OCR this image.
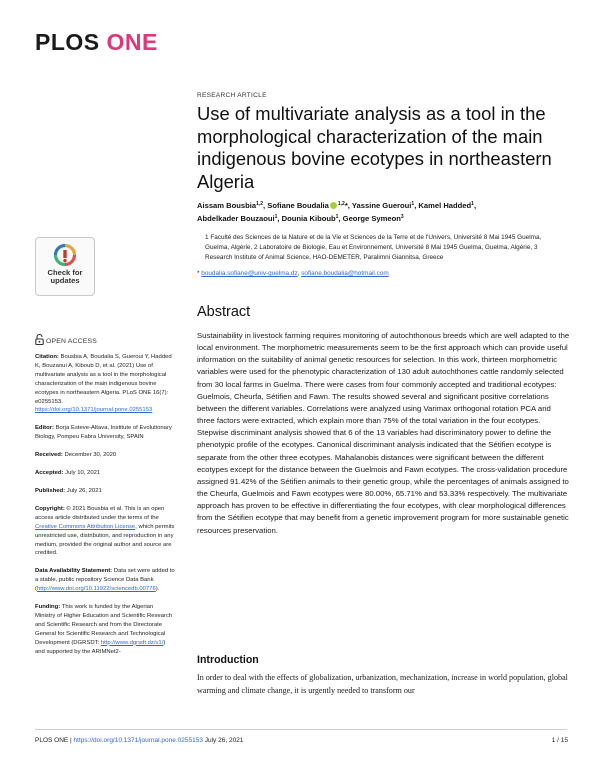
PLOS ONE
RESEARCH ARTICLE
Use of multivariate analysis as a tool in the morphological characterization of the main indigenous bovine ecotypes in northeastern Algeria
Aissam Bousbia$^{1,2}$, Sofiane Boudalia $^{1,2}$*, Yassine Gueroui$^1$, Kamel Hadded$^1$,
Abdelkader Bouzaoui$^1$, Dounia Kiboub$^1$, George Symeon$^3$
1 Faculté des Sciences de la Nature et de la Vie et Sciences de la Terre et de l'Univers, Université 8 Mai 1945 Guelma, Guelma, Algérie, 2 Laboratoire de Biologie, Eau et Environnement, Université 8 Mai 1945 Guelma, Guelma, Algérie, 3 Research Institute of Animal Science, HAO-DEMETER, Paralimni Giannitsa, Greece
* boudalia.sofiane@univ-guelma.dz, sofiane.boudalia@hotmail.com
Check for
updates
OPEN ACCESS

Citation: Bousbia A, Boudalia S, Gueroui Y, Hadded K, Bouzaoui A, Kiboub D, et al. (2021) Use of multivariate analysis as a tool in the morphological characterization of the main indigenous bovine ecotypes in northeastern Algeria. PLoS ONE 16(7): e0255153. https://doi.org/10.1371/journal.pone.0255153

Editor: Borja Esteve-Altava, Institute of Evolutionary Biology, Pompeu Fabra University, SPAIN

Received: December 30, 2020

Accepted: July 10, 2021

Published: July 26, 2021

Copyright: © 2021 Bousbia et al. This is an open access article distributed under the terms of the Creative Commons Attribution License, which permits unrestricted use, distribution, and reproduction in any medium, provided the original author and source are credited.

Data Availability Statement: Data set were added to a stable, public repository Science Data Bank (http://www.doi.org/10.11922/sciencedb.00776).

Funding: This work is funded by the Algerian Ministry of Higher Education and Scientific Research and Scientific Research and from the Directorate General for Scientific Research and Technological Development (DGRSDT: http://www.dgrsdt.dz/v1/) and supported by the ARIMNet2-

Abstract
Sustainability in livestock farming requires monitoring of autochthonous breeds which are well adapted to the local environment. The morphometric measurements seem to be the first approach which can provide useful information on the suitability of animal genetic resources for selection. In this work, thirteen morphometric variables were used for the phenotypic characterization of 130 adult autochthones cattle randomly selected from 30 local farms in Guelma. There were cases from four commonly accepted and traditional ecotypes: Guelmois, Cheurfa, Sétifien and Fawn. The results showed several and significant positive correlations between the different variables. Correlations were analyzed using Varimax orthogonal rotation PCA and three factors were extracted, which explain more than 75% of the total variation in the four ecotypes. Stepwise discriminant analysis showed that 6 of the 13 variables had discriminatory power to define the phenotypic profile of the ecotypes. Canonical discriminant analysis indicated that the Sétifien ecotype is separate from the other three ecotypes. Mahalanobis distances were significant between the different ecotypes except for the distance between the Guelmois and Fawn ecotypes. The cross-validation procedure assigned 91.42% of the Sétifien animals to their genetic group, while the percentages of animals assigned to the Cheurfa, Guelmois and Fawn ecotypes were 80.00%, 65.71% and 53.33% respectively. The multivariate approach has proven to be effective in differentiating the four ecotypes, with clear morphological differences from the Sétifien ecotype that may benefit from a genetic improvement program for more sustainable genetic resources preservation.
Introduction
In order to deal with the effects of globalization, urbanization, mechanization, increase in world population, global warming and climate change, it is urgently needed to transform our
PLOS ONE | https://doi.org/10.1371/journal.pone.0255153 July 26, 2021	1 / 15
